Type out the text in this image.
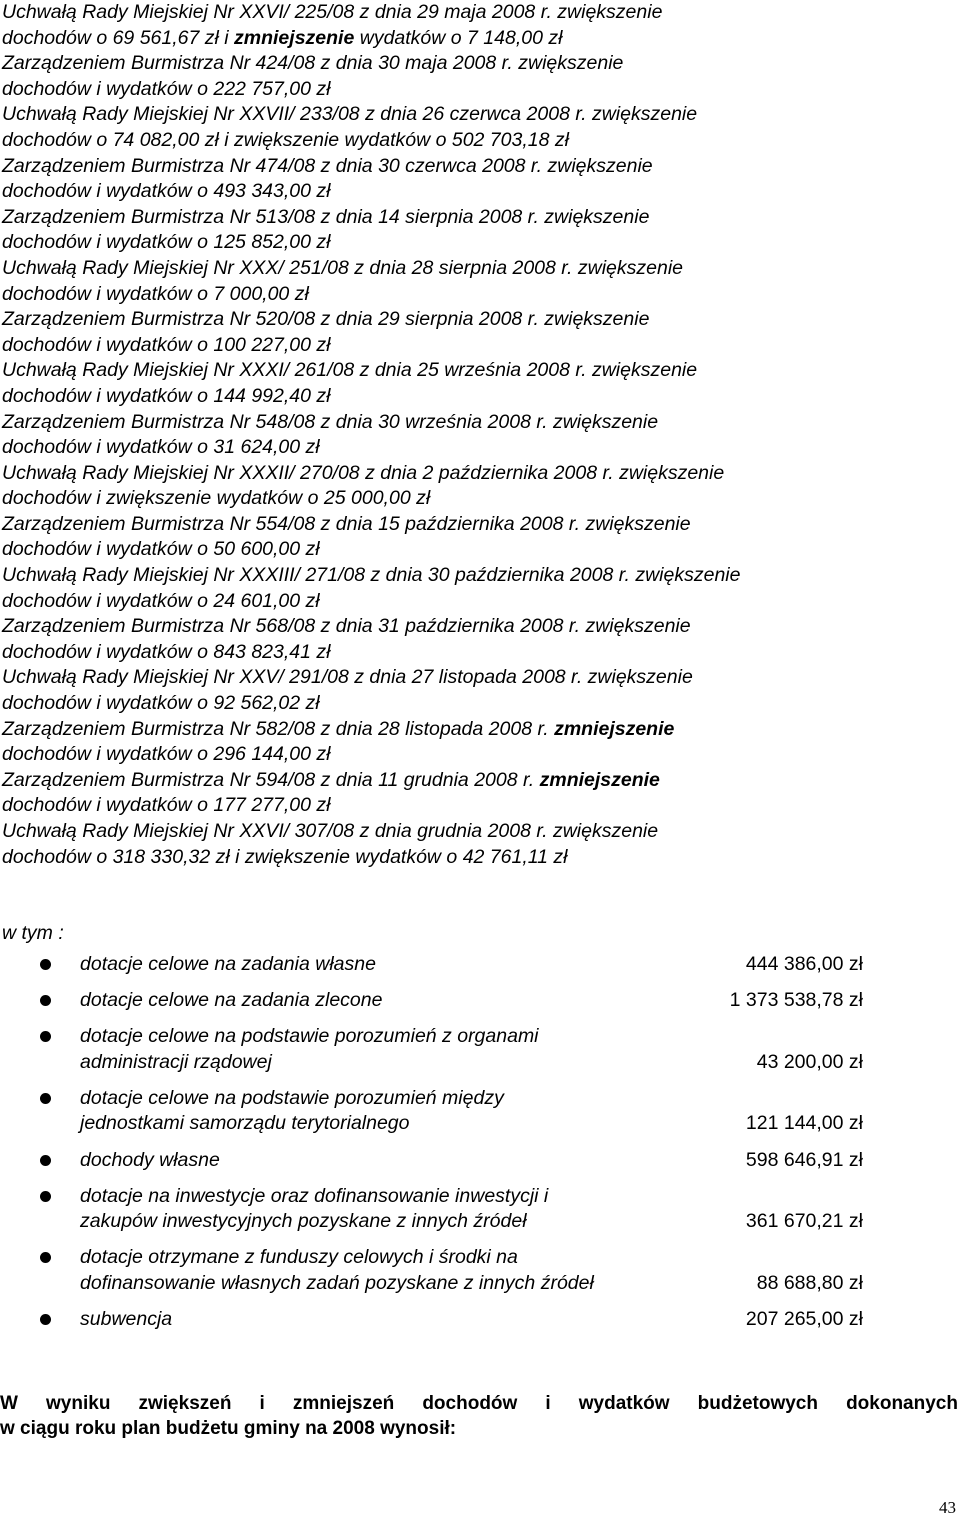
Uchwałą Rady Miejskiej Nr XXVI/ 225/08 z dnia 29 maja 2008 r. zwiększenie
dochodów o 69 561,67 zł i zmniejszenie wydatków o 7 148,00 zł
Zarządzeniem Burmistrza Nr 424/08 z dnia 30 maja 2008 r. zwiększenie
dochodów i wydatków o 222 757,00 zł
Uchwałą Rady Miejskiej Nr XXVII/ 233/08 z dnia 26 czerwca 2008 r. zwiększenie
dochodów o 74 082,00 zł i zwiększenie wydatków o 502 703,18 zł
Zarządzeniem Burmistrza Nr 474/08 z dnia 30 czerwca 2008 r. zwiększenie
dochodów i wydatków o 493 343,00 zł
Zarządzeniem Burmistrza Nr 513/08 z dnia 14 sierpnia 2008 r. zwiększenie
dochodów i wydatków o 125 852,00 zł
Uchwałą Rady Miejskiej Nr XXX/ 251/08 z dnia 28 sierpnia 2008 r. zwiększenie
dochodów i wydatków o 7 000,00 zł
Zarządzeniem Burmistrza Nr 520/08 z dnia 29 sierpnia 2008 r. zwiększenie
dochodów i wydatków o 100 227,00 zł
Uchwałą Rady Miejskiej Nr XXXI/ 261/08 z dnia 25 września 2008 r. zwiększenie
dochodów i wydatków o 144 992,40 zł
Zarządzeniem Burmistrza Nr 548/08 z dnia 30 września 2008 r. zwiększenie
dochodów i wydatków o 31 624,00 zł
Uchwałą Rady Miejskiej Nr XXXII/ 270/08 z dnia 2 października 2008 r. zwiększenie
dochodów i zwiększenie wydatków o 25 000,00 zł
Zarządzeniem Burmistrza Nr 554/08 z dnia 15 października 2008 r. zwiększenie
dochodów i wydatków o 50 600,00 zł
Uchwałą Rady Miejskiej Nr XXXIII/ 271/08 z dnia 30 października 2008 r. zwiększenie
dochodów i wydatków o 24 601,00 zł
Zarządzeniem Burmistrza Nr 568/08 z dnia 31 października 2008 r. zwiększenie
dochodów i wydatków o 843 823,41 zł
Uchwałą Rady Miejskiej Nr XXV/ 291/08 z dnia 27 listopada 2008 r. zwiększenie
dochodów i wydatków o 92 562,02 zł
Zarządzeniem Burmistrza Nr 582/08 z dnia 28 listopada 2008 r. zmniejszenie
dochodów i wydatków o 296 144,00 zł
Zarządzeniem Burmistrza Nr 594/08 z dnia 11 grudnia 2008 r. zmniejszenie
dochodów i wydatków o 177 277,00 zł
Uchwałą Rady Miejskiej Nr XXVI/ 307/08 z dnia grudnia 2008 r. zwiększenie
dochodów o 318 330,32 zł i zwiększenie wydatków o 42 761,11 zł
w tym :
dotacje celowe na zadania własne	444 386,00 zł
dotacje celowe na zadania zlecone	1 373 538,78 zł
dotacje celowe na podstawie porozumień z organami
administracji rządowej	43 200,00 zł
dotacje celowe na podstawie porozumień między
jednostkami samorządu terytorialnego	121 144,00 zł
dochody własne	598 646,91 zł
dotacje na inwestycje oraz dofinansowanie inwestycji i
zakupów inwestycyjnych pozyskane z innych źródeł	361 670,21 zł
dotacje otrzymane z funduszy celowych i środki na
dofinansowanie własnych zadań pozyskane z innych źródeł	88 688,80 zł
subwencja	207 265,00 zł
W wyniku zwiększeń i zmniejszeń dochodów i wydatków budżetowych dokonanych
w ciągu roku plan budżetu gminy na 2008 wynosił:
43
